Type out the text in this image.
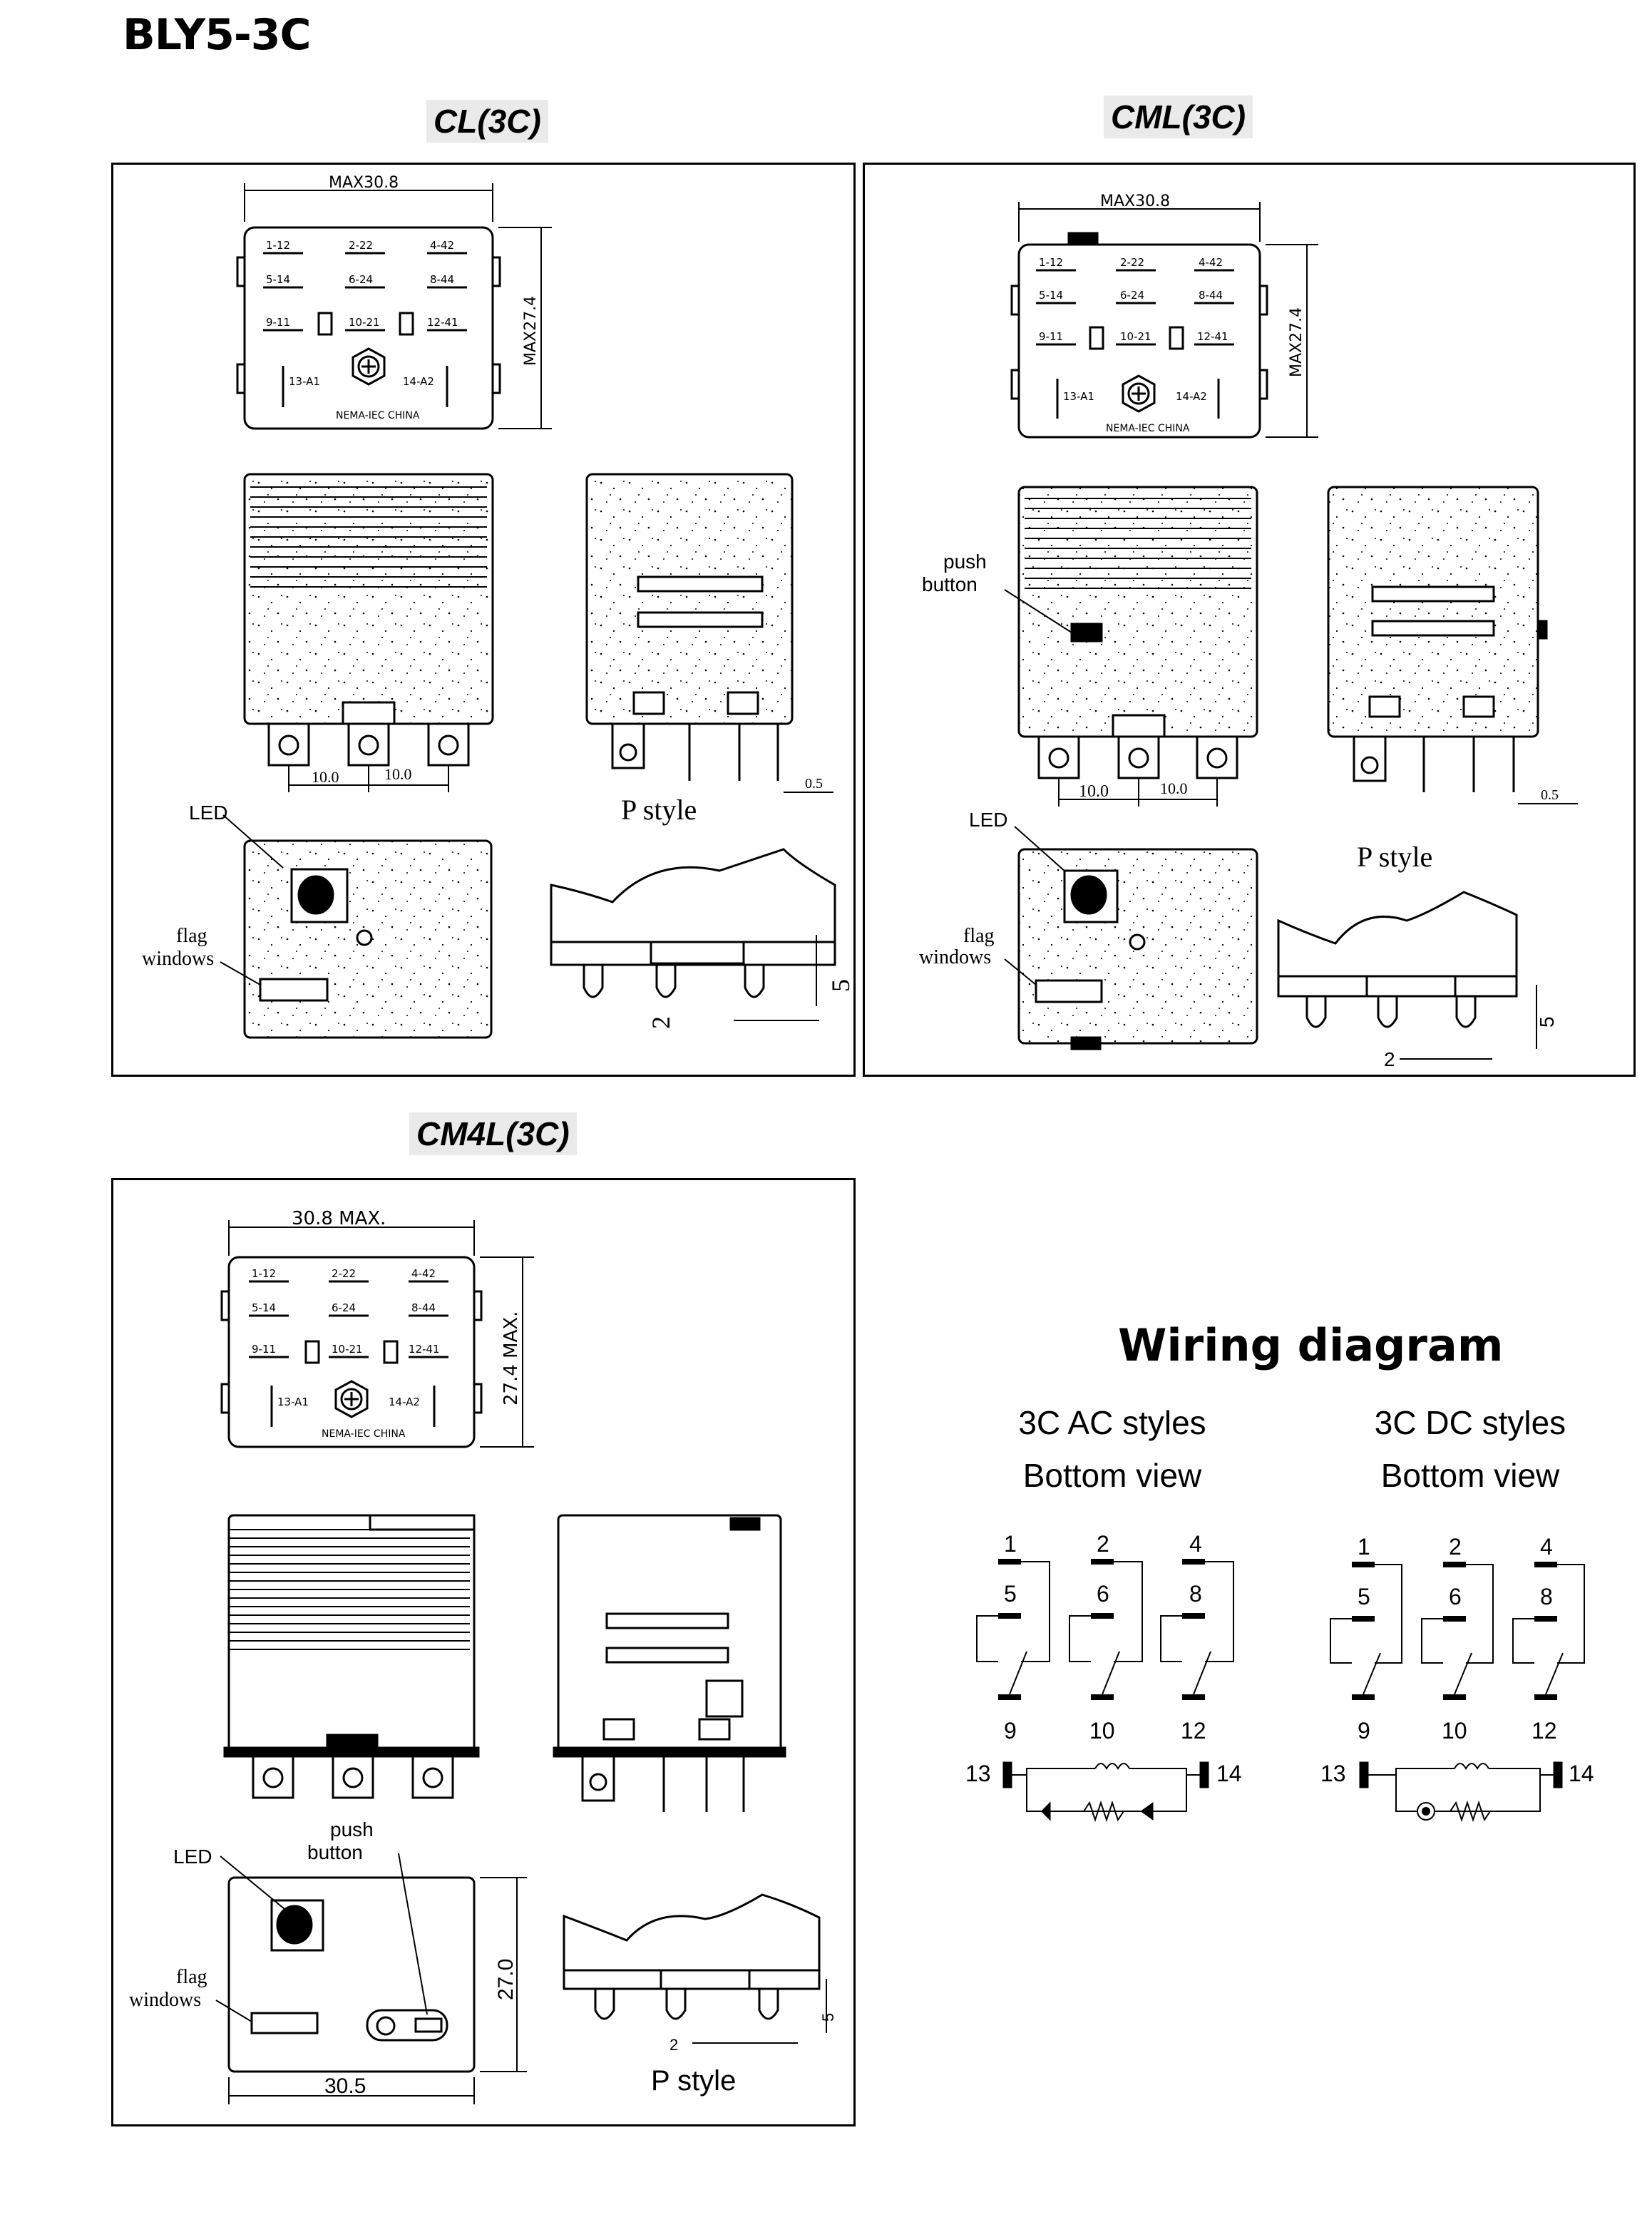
BLY5-3C
CL(3C)
MAX30.8
MAX27.4
1-12	2-22	4-42
5-14	6-24	8-44
9-11	10-21	12-41
13-A1	14-A2
NEMA-IEC CHINA
10.0	10.0
0.5
P style
LED
flag
windows
5
2
CML(3C)
MAX30.8
MAX27.4
1-12	2-22	4-42
5-14	6-24	8-44
9-11	10-21	12-41
13-A1	14-A2
NEMA-IEC CHINA
push
button
10.0	10.0	0.5
P style
LED
flag
windows
5
2
CM4L(3C)
30.8 MAX.
27.4 MAX.
1-12	2-22	4-42
5-14	6-24	8-44
9-11	10-21	12-41
13-A1	14-A2
NEMA-IEC CHINA
LED
push
button
flag
windows
30.5
27.0
5
2
P style
Wiring diagram
3C AC styles
Bottom view
3C DC styles
Bottom view
1	2	4
5	6	8
9	10	12
13	14
1	2	4
5	6	8
9	10	12
13	14
